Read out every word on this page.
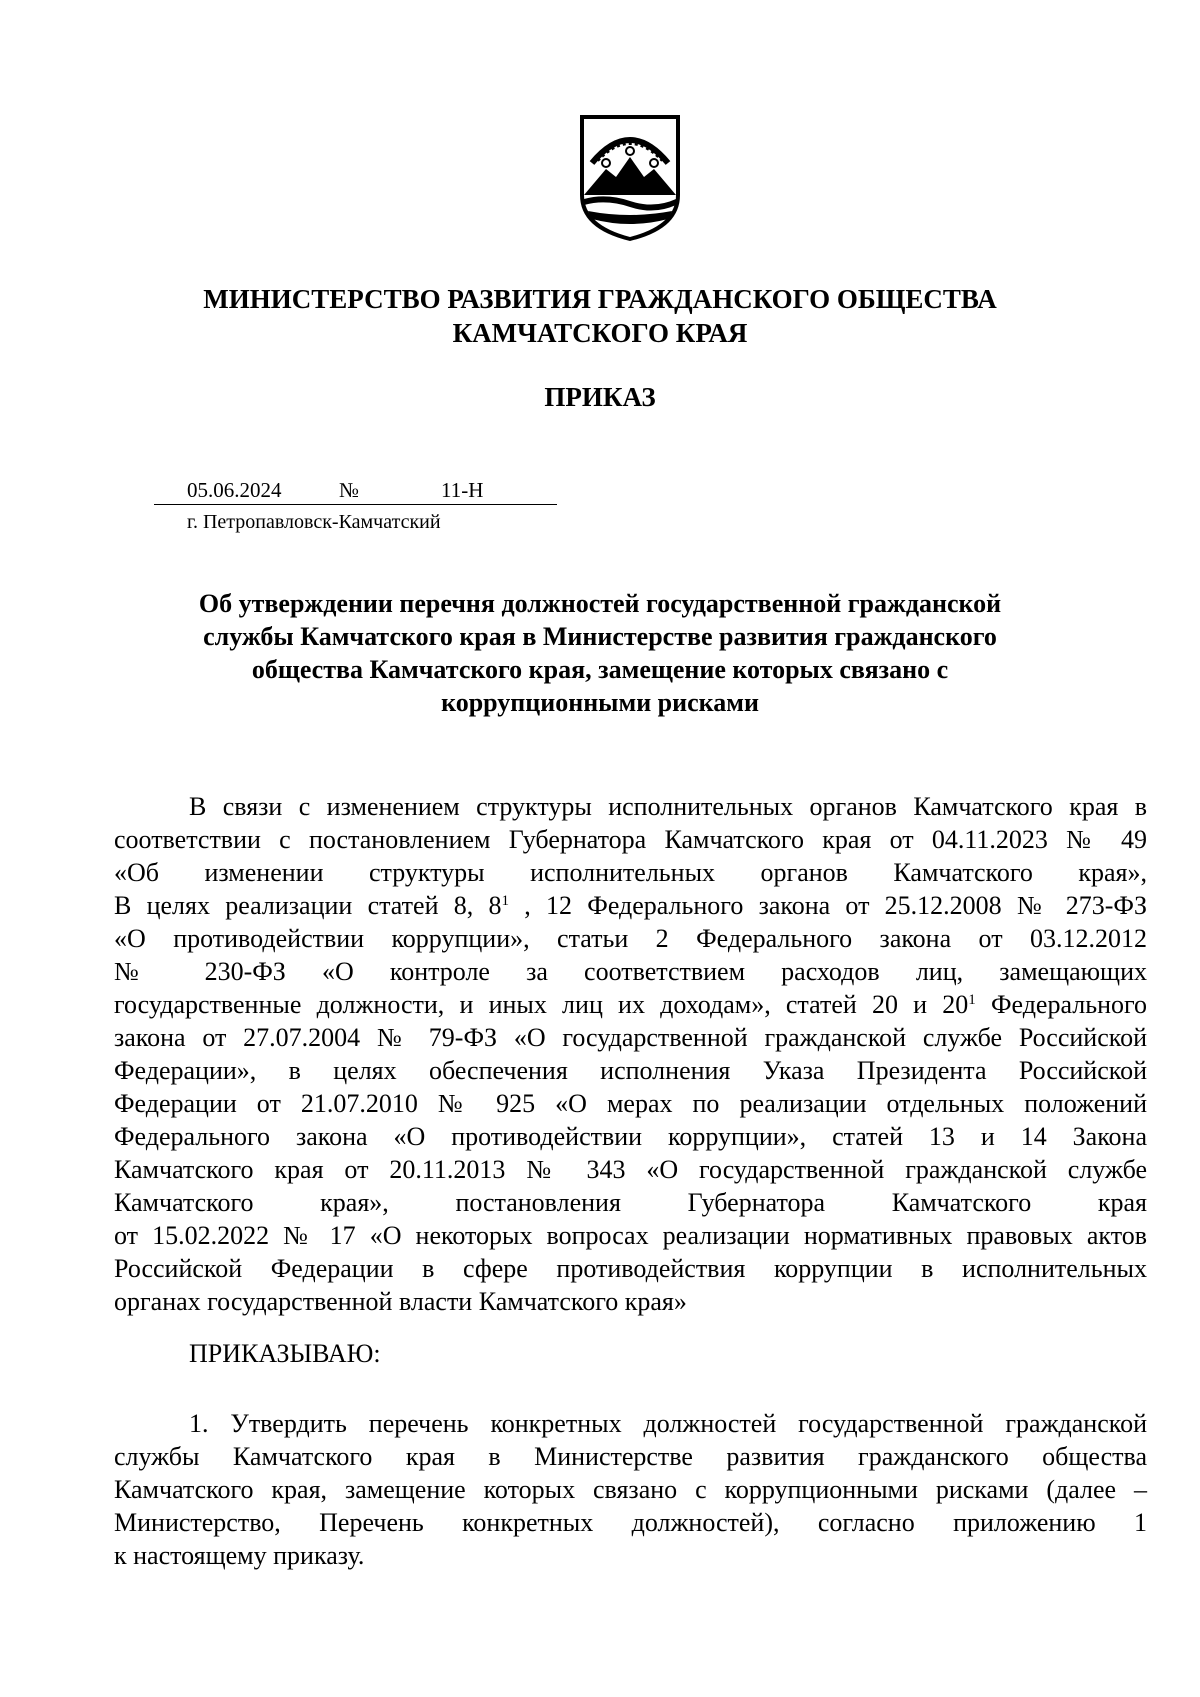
МИНИСТЕРСТВО РАЗВИТИЯ ГРАЖДАНСКОГО ОБЩЕСТВА
КАМЧАТСКОГО КРАЯ
ПРИКАЗ
05.06.2024	№	11-Н
г. Петропавловск-Камчатский
Об утверждении перечня должностей государственной гражданской
службы Камчатского края в Министерстве развития гражданского
общества Камчатского края, замещение которых связано с
коррупционными рисками

В связи с изменением структуры исполнительных органов Камчатского края в
соответствии с постановлением Губернатора Камчатского края от 04.11.2023 № 49
«Об изменении структуры исполнительных органов Камчатского края»,
В целях реализации статей 8, $8^1$ , 12 Федерального закона от 25.12.2008 № 273-ФЗ
«О противодействии коррупции», статьи 2 Федерального закона от 03.12.2012
№ 230-ФЗ «О контроле за соответствием расходов лиц, замещающих
государственные должности, и иных лиц их доходам», статей 20 и $20^1$ Федерального
закона от 27.07.2004 № 79-ФЗ «О государственной гражданской службе Российской
Федерации», в целях обеспечения исполнения Указа Президента Российской
Федерации от 21.07.2010 № 925 «О мерах по реализации отдельных положений
Федерального закона «О противодействии коррупции», статей 13 и 14 Закона
Камчатского края от 20.11.2013 № 343 «О государственной гражданской службе
Камчатского края», постановления Губернатора Камчатского края
от 15.02.2022 № 17 «О некоторых вопросах реализации нормативных правовых актов
Российской Федерации в сфере противодействия коррупции в исполнительных
органах государственной власти Камчатского края»

ПРИКАЗЫВАЮ:

1. Утвердить перечень конкретных должностей государственной гражданской
службы Камчатского края в Министерстве развития гражданского общества
Камчатского края, замещение которых связано с коррупционными рисками (далее –
Министерство, Перечень конкретных должностей), согласно приложению 1
к настоящему приказу.
